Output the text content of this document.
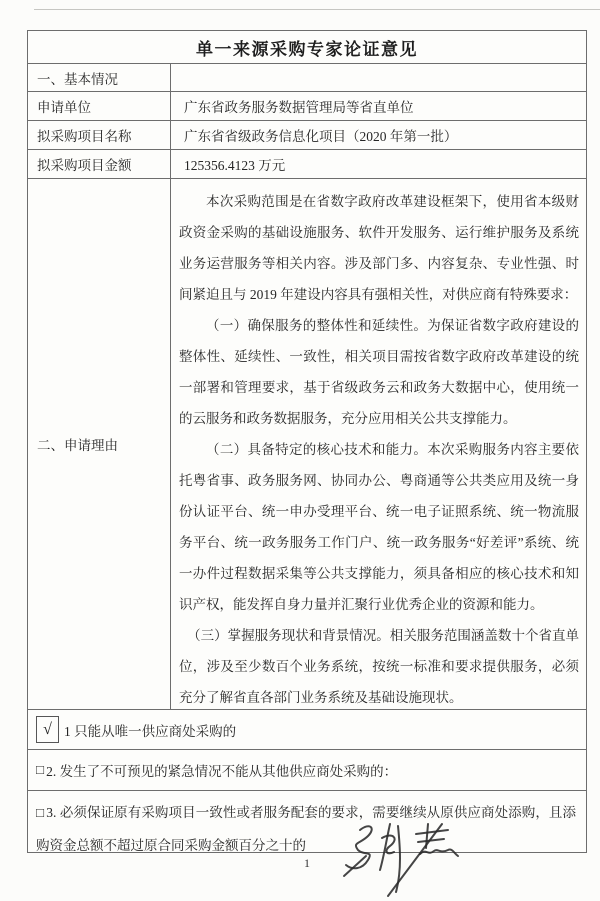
单一来源采购专家论证意见
一、基本情况
申请单位	广东省政务服务数据管理局等省直单位
拟采购项目名称	广东省省级政务信息化项目（2020 年第一批）
拟采购项目金额	125356.4123 万元
二、申请理由

本次采购范围是在省数字政府改革建设框架下，使用省本级财政资金采购的基础设施服务、软件开发服务、运行维护服务及系统业务运营服务等相关内容。涉及部门多、内容复杂、专业性强、时间紧迫且与 2019 年建设内容具有强相关性，对供应商有特殊要求：

（一）确保服务的整体性和延续性。为保证省数字政府建设的整体性、延续性、一致性，相关项目需按省数字政府改革建设的统一部署和管理要求，基于省级政务云和政务大数据中心，使用统一的云服务和政务数据服务，充分应用相关公共支撑能力。

（二）具备特定的核心技术和能力。本次采购服务内容主要依托粤省事、政务服务网、协同办公、粤商通等公共类应用及统一身份认证平台、统一申办受理平台、统一电子证照系统、统一物流服务平台、统一政务服务工作门户、统一政务服务“好差评”系统、统一办件过程数据采集等公共支撑能力，须具备相应的核心技术和知识产权，能发挥自身力量并汇聚行业优秀企业的资源和能力。

（三）掌握服务现状和背景情况。相关服务范围涵盖数十个省直单位，涉及至少数百个业务系统，按统一标准和要求提供服务，必须充分了解省直各部门业务系统及基础设施现状。

√ 1 只能从唯一供应商处采购的
□ 2. 发生了不可预见的紧急情况不能从其他供应商处采购的：
□ 3. 必须保证原有采购项目一致性或者服务配套的要求，需要继续从原供应商处添购，且添购资金总额不超过原合同采购金额百分之十的
1
